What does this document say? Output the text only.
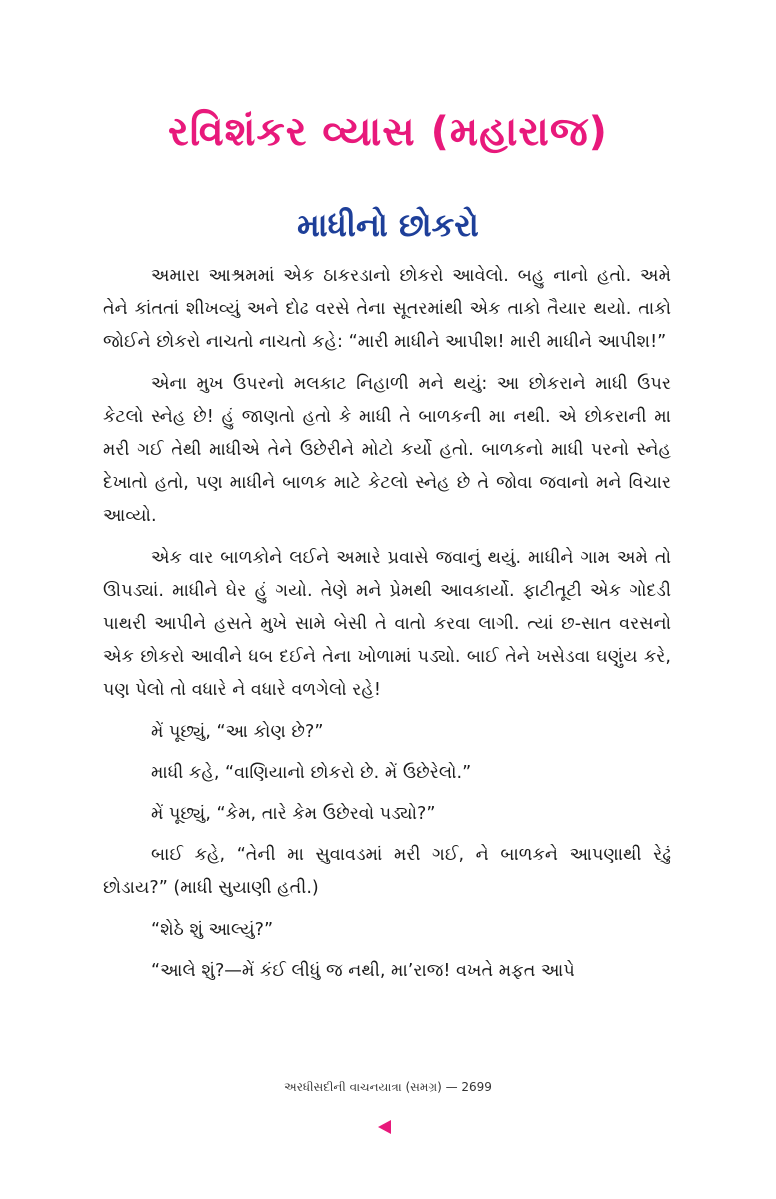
રવિશંકર વ્યાસ (મહારાજ)
માધીનો છોકરો

અમારા આશ્રમમાં એક ઠાકરડાનો છોકરો આવેલો. બહુ નાનો હતો. અમે તેને કાંતતાં શીખવ્યું અને દોઢ વરસે તેના સૂતરમાંથી એક તાકો તૈયાર થયો. તાકો જોઈને છોકરો નાચતો નાચતો કહે: “મારી માધીને આપીશ! મારી માધીને આપીશ!”

એના મુખ ઉપરનો મલકાટ નિહાળી મને થયું: આ છોકરાને માધી ઉપર કેટલો સ્નેહ છે! હું જાણતો હતો કે માધી તે બાળકની મા નથી. એ છોકરાની મા મરી ગઈ તેથી માધીએ તેને ઉછેરીને મોટો કર્યો હતો. બાળકનો માધી પરનો સ્નેહ દેખાતો હતો, પણ માધીને બાળક માટે કેટલો સ્નેહ છે તે જોવા જવાનો મને વિચાર આવ્યો.

એક વાર બાળકોને લઈને અમારે પ્રવાસે જવાનું થયું. માધીને ગામ અમે તો ઊપડ્યાં. માધીને ઘેર હું ગયો. તેણે મને પ્રેમથી આવકાર્યો. ફાટીતૂટી એક ગોદડી પાથરી આપીને હસતે મુખે સામે બેસી તે વાતો કરવા લાગી. ત્યાં છ-સાત વરસનો એક છોકરો આવીને ધબ દઈને તેના ખોળામાં પડ્યો. બાઈ તેને ખસેડવા ઘણુંય કરે, પણ પેલો તો વધારે ને વધારે વળગેલો રહે!

મેં પૂછ્યું, “આ કોણ છે?”

માધી કહે, “વાણિયાનો છોકરો છે. મેં ઉછેરેલો.”

મેં પૂછ્યું, “કેમ, તારે કેમ ઉછેરવો પડ્યો?”

બાઈ કહે, “તેની મા સુવાવડમાં મરી ગઈ, ને બાળકને આપણાથી રેઢું છોડાય?” (માધી સુયાણી હતી.)

“શેઠે શું આલ્યું?”

“આલે શું?—મેં કંઈ લીધું જ નથી, મા’રાજ! વખતે મફત આપે

અરધીસદીની વાચનયાત્રા (સમગ્ર) — 2699
